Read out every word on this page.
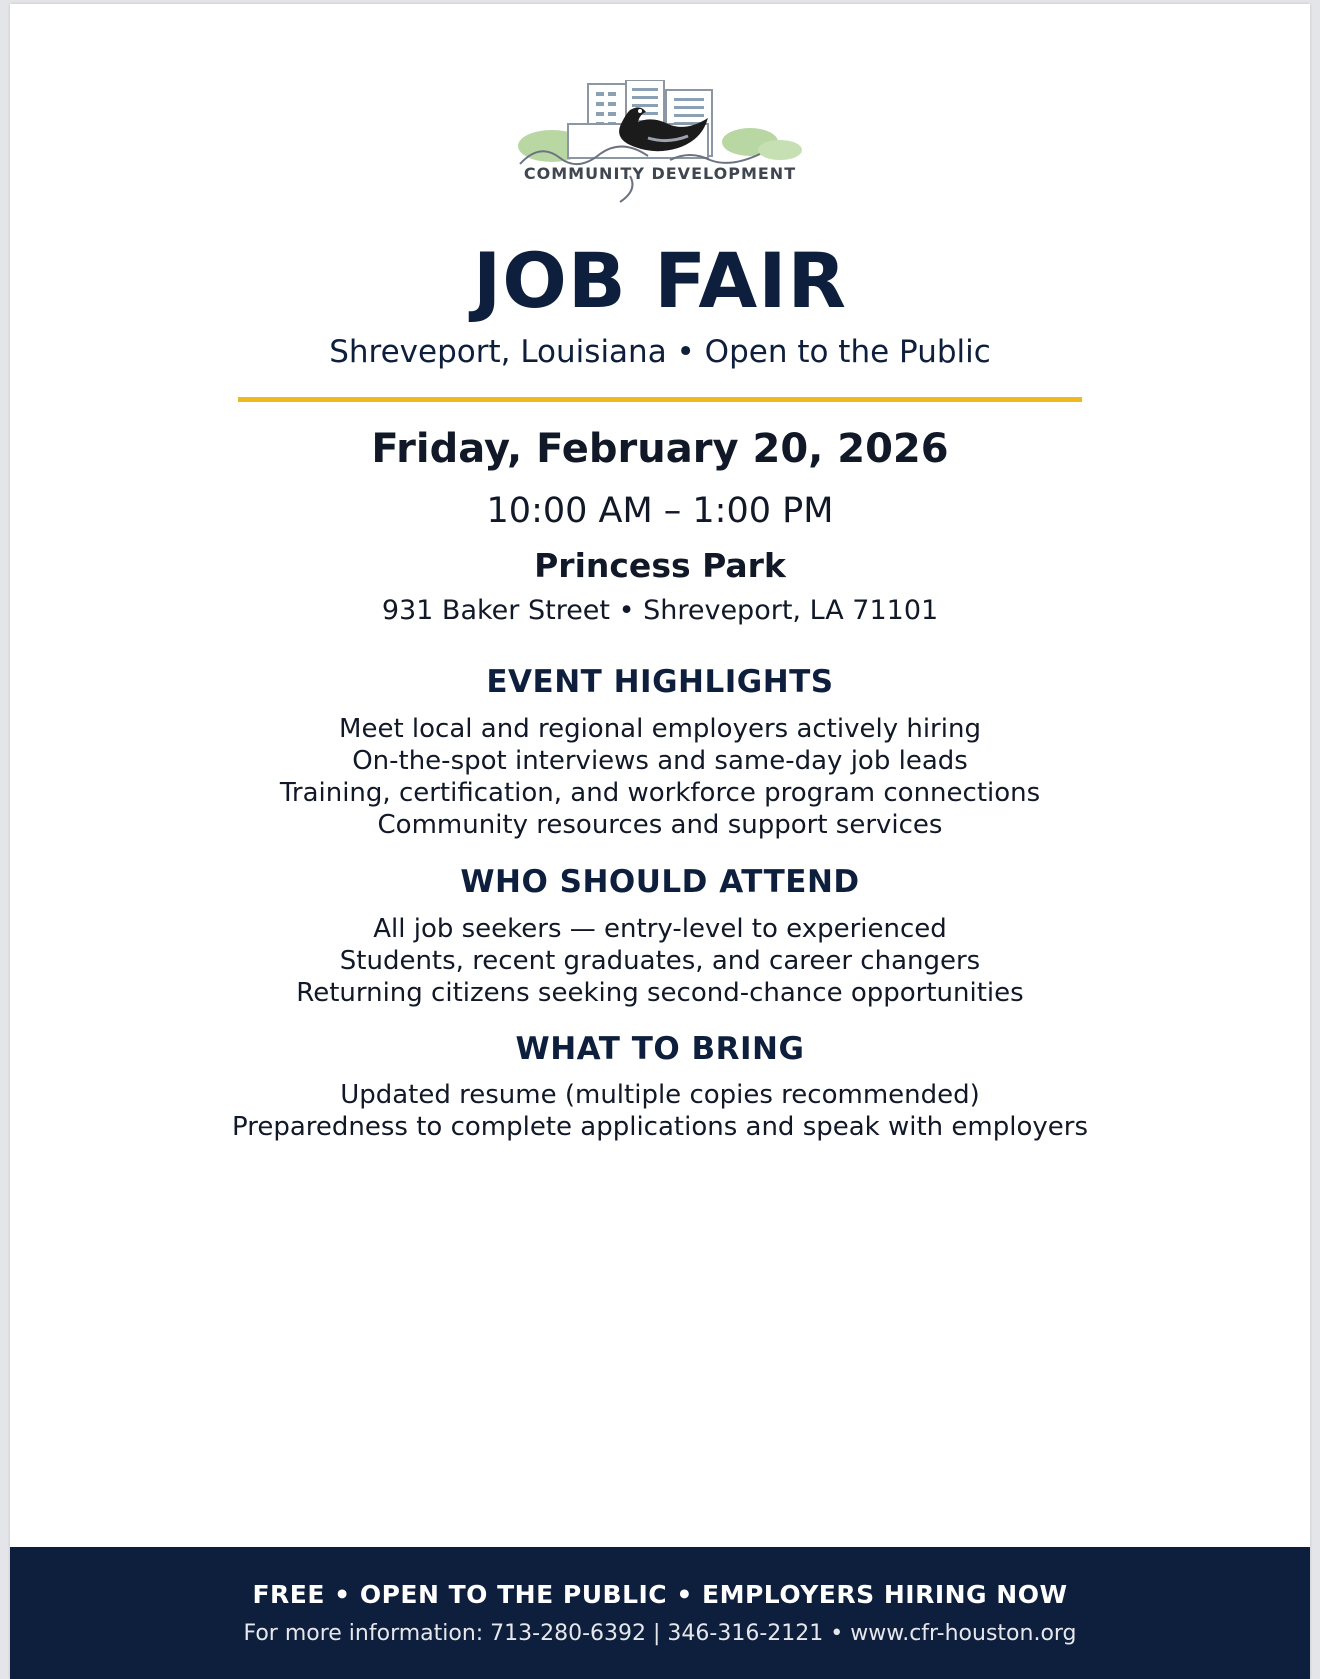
COMMUNITY DEVELOPMENT
JOB FAIR
Shreveport, Louisiana • Open to the Public
Friday, February 20, 2026
10:00 AM – 1:00 PM
Princess Park
931 Baker Street • Shreveport, LA 71101
EVENT HIGHLIGHTS
Meet local and regional employers actively hiring
On-the-spot interviews and same-day job leads
Training, certification, and workforce program connections
Community resources and support services
WHO SHOULD ATTEND
All job seekers — entry-level to experienced
Students, recent graduates, and career changers
Returning citizens seeking second-chance opportunities
WHAT TO BRING
Updated resume (multiple copies recommended)
Preparedness to complete applications and speak with employers
FREE • OPEN TO THE PUBLIC • EMPLOYERS HIRING NOW
For more information: 713-280-6392 | 346-316-2121 • www.cfr-houston.org
